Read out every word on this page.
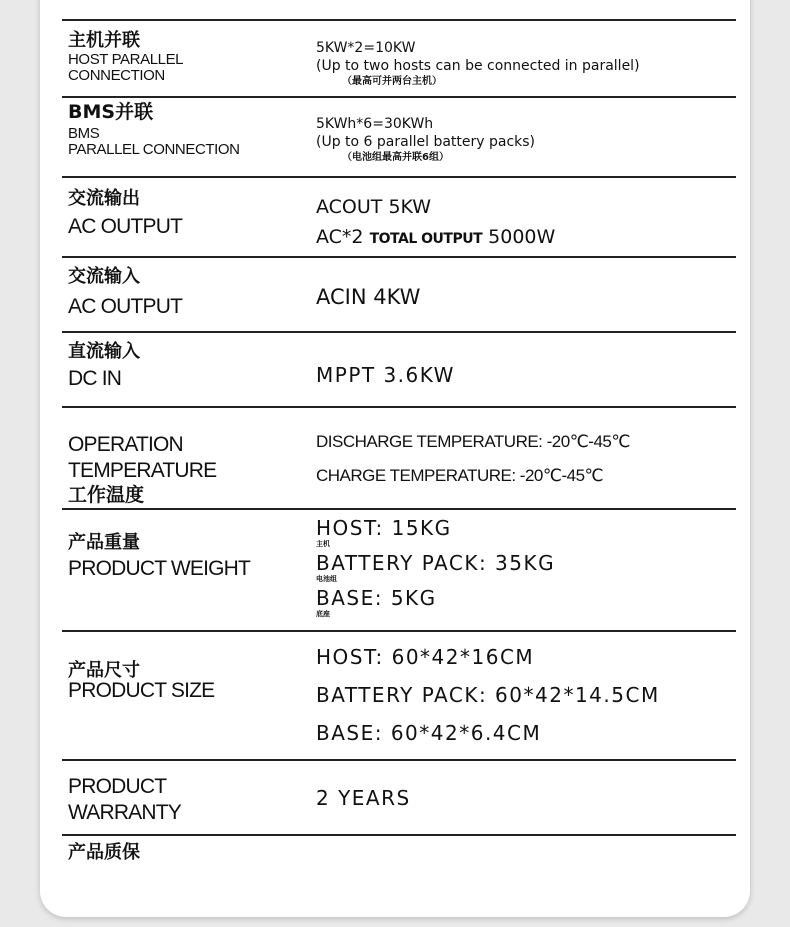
主机并联
HOST PARALLEL
CONNECTION
5KW*2=10KW
(Up to two hosts can be connected in parallel)
（最高可并两台主机）
BMS并联
BMS
PARALLEL CONNECTION
5KWh*6=30KWh
(Up to 6 parallel battery packs)
（电池组最高并联6组）
交流输出
AC OUTPUT
ACOUT 5KW
AC*2 TOTAL OUTPUT 5000W
交流输入
AC OUTPUT	ACIN 4KW
直流输入
DC IN	MPPT 3.6KW
OPERATION
TEMPERATURE
工作温度
DISCHARGE TEMPERATURE: -20℃-45℃
CHARGE TEMPERATURE: -20℃-45℃
产品重量
PRODUCT WEIGHT
HOST: 15KG
主机
BATTERY PACK: 35KG
电池组
BASE: 5KG
底座
产品尺寸
PRODUCT SIZE
HOST: 60*42*16CM
BATTERY PACK: 60*42*14.5CM
BASE: 60*42*6.4CM
PRODUCT
WARRANTY
2 YEARS
产品质保
